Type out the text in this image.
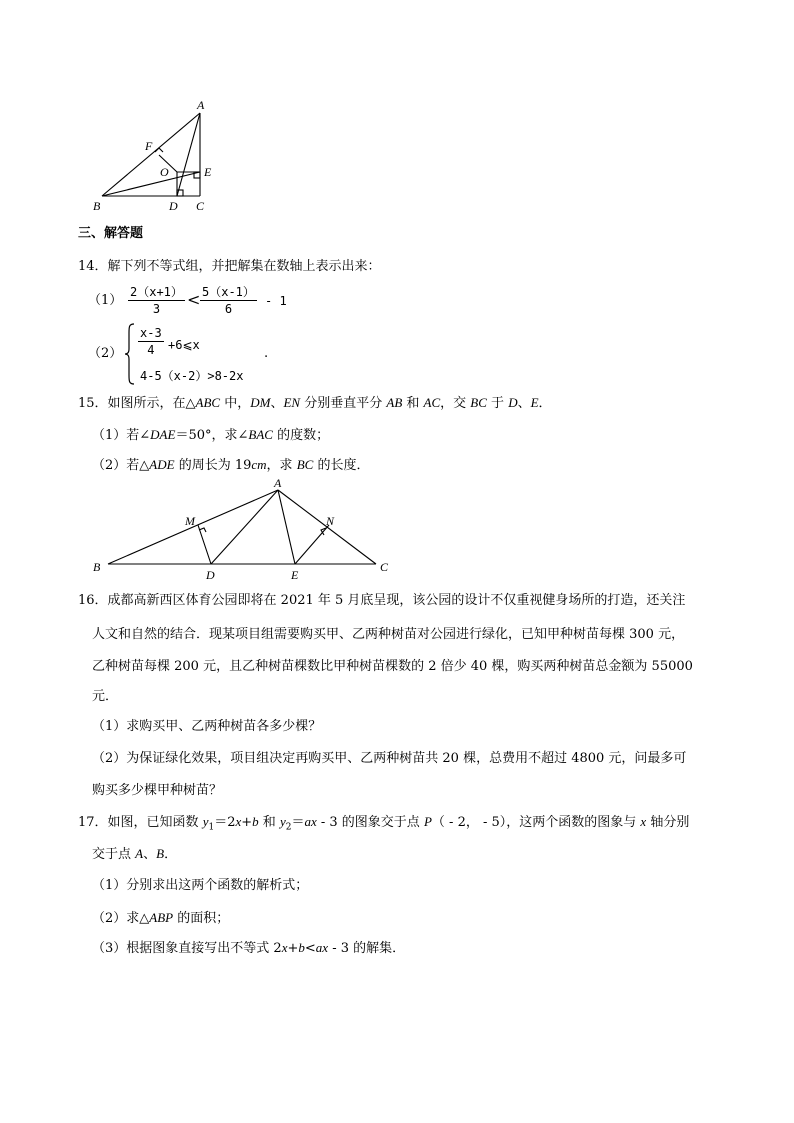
A
B	C
D
E
F
O
三、解答题
14．解下列不等式组，并把解集在数轴上表示出来：
$(1) \frac{2(x+1)}{3} < \frac{5(x-1)}{6} - 1$
$(2) \frac{x-3}{4}$ +6⩽x
4-5（x-2）>8-2x
.
15．如图所示，在△ABC 中，DM、EN 分别垂直平分 AB 和 AC，交 BC 于 D、E．
（1）若∠DAE＝50°，求∠BAC 的度数；
（2）若△ADE 的周长为 19cm，求 BC 的长度．
A
B	C
D	E
M	N
16．成都高新西区体育公园即将在 2021 年 5 月底呈现，该公园的设计不仅重视健身场所的打造，还关注
人文和自然的结合．现某项目组需要购买甲、乙两种树苗对公园进行绿化，已知甲种树苗每棵 300 元，
乙种树苗每棵 200 元，且乙种树苗棵数比甲种树苗棵数的 2 倍少 40 棵，购买两种树苗总金额为 55000
元．
（1）求购买甲、乙两种树苗各多少棵？
（2）为保证绿化效果，项目组决定再购买甲、乙两种树苗共 20 棵，总费用不超过 4800 元，问最多可
购买多少棵甲种树苗？
17．如图，已知函数 $y_1=2x+b$ 和 $y_2=ax - 3$ 的图象交于点 P（ - 2， - 5），这两个函数的图象与 x 轴分别
交于点 A、B．
（1）分别求出这两个函数的解析式；
（2）求△ABP 的面积；
（3）根据图象直接写出不等式 2x+b<ax - 3 的解集．
